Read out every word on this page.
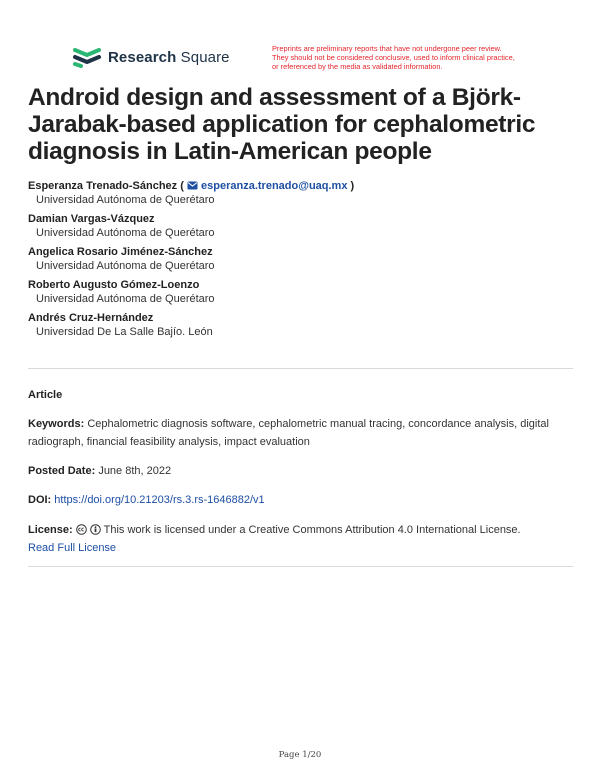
Research Square	Preprints are preliminary reports that have not undergone peer review.
They should not be considered conclusive, used to inform clinical practice,
or referenced by the media as validated information.
Android design and assessment of a Björk-Jarabak-based application for cephalometric diagnosis in Latin-American people
Esperanza Trenado-Sánchez (  esperanza.trenado@uaq.mx )
Universidad Autónoma de Querétaro
Damian Vargas-Vázquez
Universidad Autónoma de Querétaro
Angelica Rosario Jiménez-Sánchez
Universidad Autónoma de Querétaro
Roberto Augusto Gómez-Loenzo
Universidad Autónoma de Querétaro
Andrés Cruz-Hernández
Universidad De La Salle Bajío. León
Article
Keywords: Cephalometric diagnosis software, cephalometric manual tracing, concordance analysis, digital radiograph, financial feasibility analysis, impact evaluation
Posted Date: June 8th, 2022
DOI: https://doi.org/10.21203/rs.3.rs-1646882/v1
License:	This work is licensed under a Creative Commons Attribution 4.0 International License.
Read Full License
Page 1/20
